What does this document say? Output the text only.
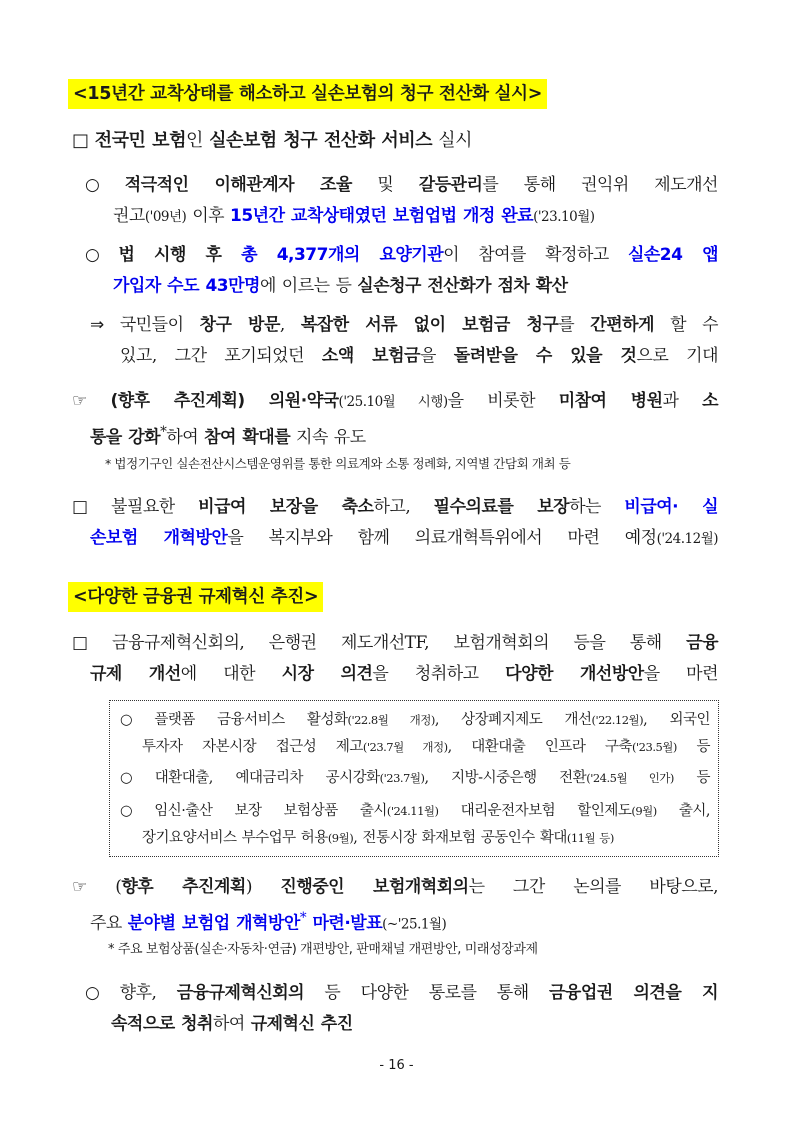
<15년간 교착상태를 해소하고 실손보험의 청구 전산화 실시>
□ 전국민 보험인 실손보험 청구 전산화 서비스 실시
○ 적극적인 이해관계자 조율 및 갈등관리를 통해 권익위 제도개선
권고('09년) 이후 15년간 교착상태였던 보험업법 개정 완료('23.10월)
○ 법 시행 후 총 4,377개의 요양기관이 참여를 확정하고 실손24 앱
가입자 수도 43만명에 이르는 등 실손청구 전산화가 점차 확산
⇒ 국민들이 창구 방문, 복잡한 서류 없이 보험금 청구를 간편하게 할 수
있고, 그간 포기되었던 소액 보험금을 돌려받을 수 있을 것으로 기대
☞ (향후 추진계획) 의원·약국('25.10월 시행)을 비롯한 미참여 병원과 소
통을 강화*하여 참여 확대를 지속 유도
* 법정기구인 실손전산시스템운영위를 통한 의료계와 소통 정례화, 지역별 간담회 개최 등
□ 불필요한 비급여 보장을 축소하고, 필수의료를 보장하는 비급여· 실
손보험 개혁방안을 복지부와 함께 의료개혁특위에서 마련 예정('24.12월)
<다양한 금융권 규제혁신 추진>
□ 금융규제혁신회의, 은행권 제도개선TF, 보험개혁회의 등을 통해 금융
규제 개선에 대한 시장 의견을 청취하고 다양한 개선방안을 마련
○ 플랫폼 금융서비스 활성화('22.8월 개정), 상장폐지제도 개선('22.12월), 외국인
투자자 자본시장 접근성 제고('23.7월 개정), 대환대출 인프라 구축('23.5월) 등
○ 대환대출, 예대금리차 공시강화('23.7월), 지방-시중은행 전환('24.5월 인가) 등
○ 임신·출산 보장 보험상품 출시('24.11월) 대리운전자보험 할인제도(9월) 출시,
장기요양서비스 부수업무 허용(9월), 전통시장 화재보험 공동인수 확대(11월 등)
☞ (향후 추진계획) 진행중인 보험개혁회의는 그간 논의를 바탕으로,
주요 분야별 보험업 개혁방안* 마련·발표(~'25.1월)
* 주요 보험상품(실손·자동차·연금) 개편방안, 판매채널 개편방안, 미래성장과제
○ 향후, 금융규제혁신회의 등 다양한 통로를 통해 금융업권 의견을 지
속적으로 청취하여 규제혁신 추진
- 16 -
